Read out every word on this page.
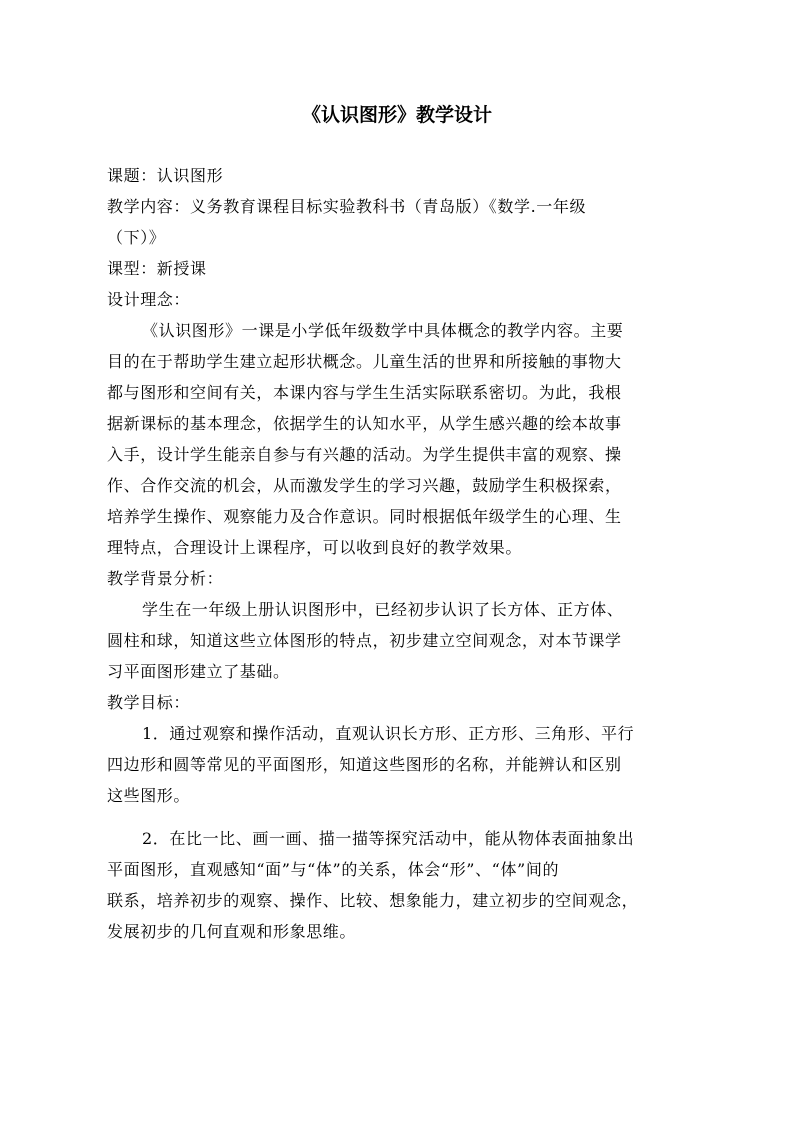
《认识图形》教学设计

课题：认识图形

教学内容：义务教育课程目标实验教科书（青岛版）《数学.一年级

（下）》

课型：新授课

设计理念：

《认识图形》一课是小学低年级数学中具体概念的教学内容。主要

目的在于帮助学生建立起形状概念。儿童生活的世界和所接触的事物大

都与图形和空间有关，本课内容与学生生活实际联系密切。为此，我根

据新课标的基本理念，依据学生的认知水平，从学生感兴趣的绘本故事

入手，设计学生能亲自参与有兴趣的活动。为学生提供丰富的观察、操

作、合作交流的机会，从而激发学生的学习兴趣，鼓励学生积极探索，

培养学生操作、观察能力及合作意识。同时根据低年级学生的心理、生

理特点，合理设计上课程序，可以收到良好的教学效果。

教学背景分析：

学生在一年级上册认识图形中，已经初步认识了长方体、正方体、

圆柱和球，知道这些立体图形的特点，初步建立空间观念，对本节课学

习平面图形建立了基础。

教学目标：

1．通过观察和操作活动，直观认识长方形、正方形、三角形、平行

四边形和圆等常见的平面图形，知道这些图形的名称，并能辨认和区别

这些图形。

2．在比一比、画一画、描一描等探究活动中，能从物体表面抽象出

平面图形，直观感知“面”与“体”的关系，体会“形”、“体”间的

联系，培养初步的观察、操作、比较、想象能力，建立初步的空间观念，

发展初步的几何直观和形象思维。
